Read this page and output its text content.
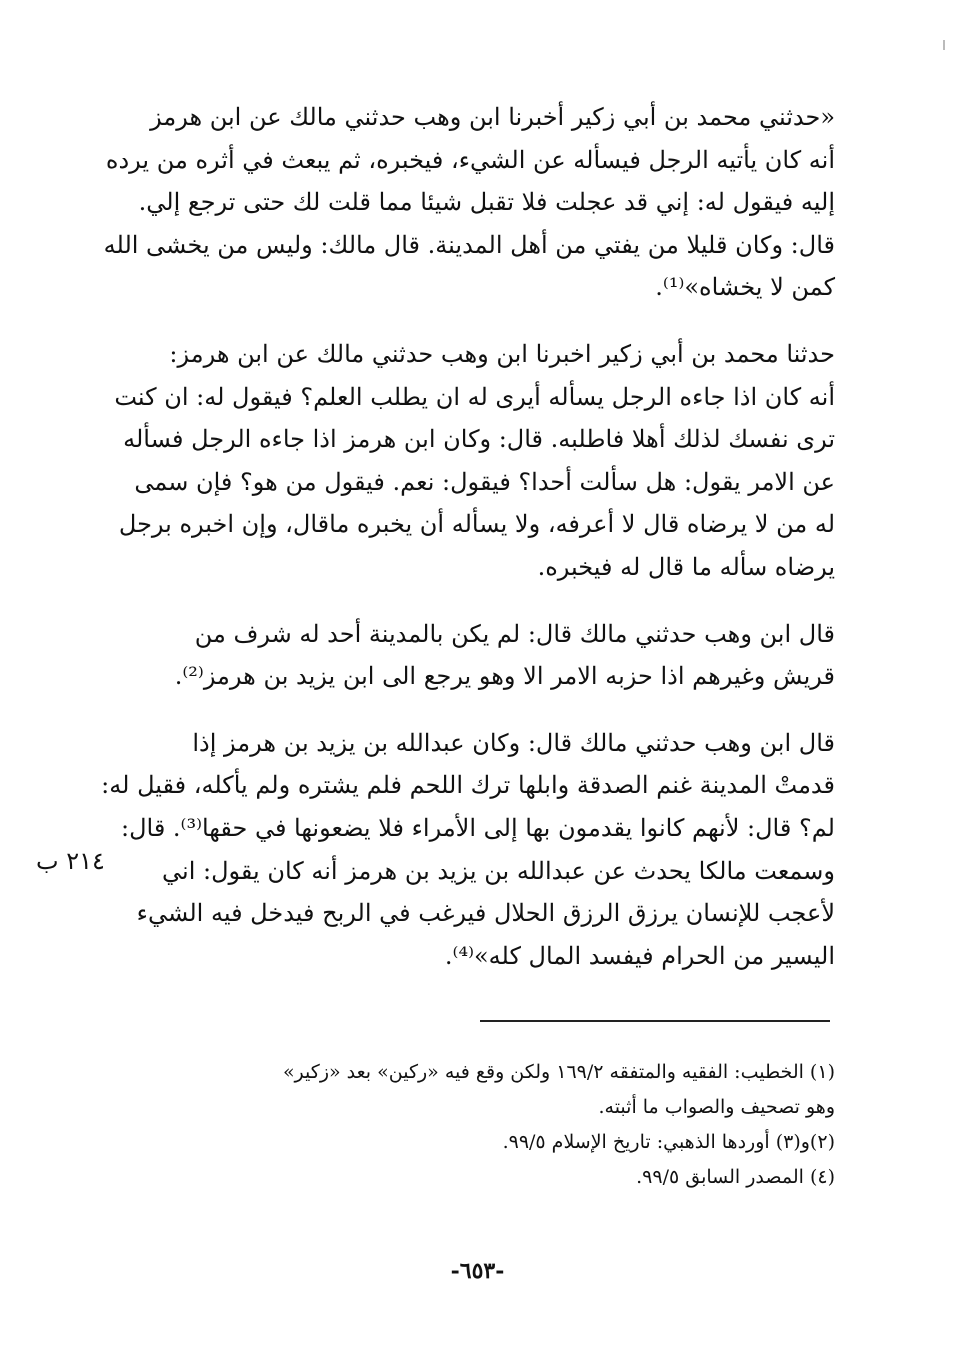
«حدثني محمد بن أبي زكير أخبرنا ابن وهب حدثني مالك عن ابن هرمز
أنه كان يأتيه الرجل فيسأله عن الشيء، فيخبره، ثم يبعث في أثره من يرده
إليه فيقول له: إني قد عجلت فلا تقبل شيئا مما قلت لك حتى ترجع إلي.
قال: وكان قليلا من يفتي من أهل المدينة. قال مالك: وليس من يخشى الله
كمن لا يخشاه»⁽¹⁾.

حدثنا محمد بن أبي زكير اخبرنا ابن وهب حدثني مالك عن ابن هرمز:
أنه كان اذا جاءه الرجل يسأله أيرى له ان يطلب العلم؟ فيقول له: ان كنت
ترى نفسك لذلك أهلا فاطلبه. قال: وكان ابن هرمز اذا جاءه الرجل فسأله
عن الامر يقول: هل سألت أحدا؟ فيقول: نعم. فيقول من هو؟ فإن سمى
له من لا يرضاه قال لا أعرفه، ولا يسأله أن يخبره ماقال، وإن اخبره برجل
يرضاه سأله ما قال له فيخبره.

قال ابن وهب حدثني مالك قال: لم يكن بالمدينة أحد له شرف من
قريش وغيرهم اذا حزبه الامر الا وهو يرجع الى ابن يزيد بن هرمز⁽²⁾.

قال ابن وهب حدثني مالك قال: وكان عبدالله بن يزيد بن هرمز إذا
قدمتْ المدينة غنم الصدقة وابلها ترك اللحم فلم يشتره ولم يأكله، فقيل له:
لم؟ قال: لأنهم كانوا يقدمون بها إلى الأمراء فلا يضعونها في حقها⁽³⁾. قال:
وسمعت مالكا يحدث عن عبدالله بن يزيد بن هرمز أنه كان يقول: اني
لأعجب للإنسان يرزق الرزق الحلال فيرغب في الربح فيدخل فيه الشيء
اليسير من الحرام فيفسد المال كله»⁽⁴⁾.

٢١٤ ب
(١) الخطيب: الفقيه والمتفقه ١٦٩/٢ ولكن وقع فيه «ركين» بعد «زكير»
وهو تصحيف والصواب ما أثبته.
(٢)و(٣) أوردها الذهبي: تاريخ الإسلام ٩٩/٥.
(٤) المصدر السابق ٩٩/٥.
-٦٥٣-
